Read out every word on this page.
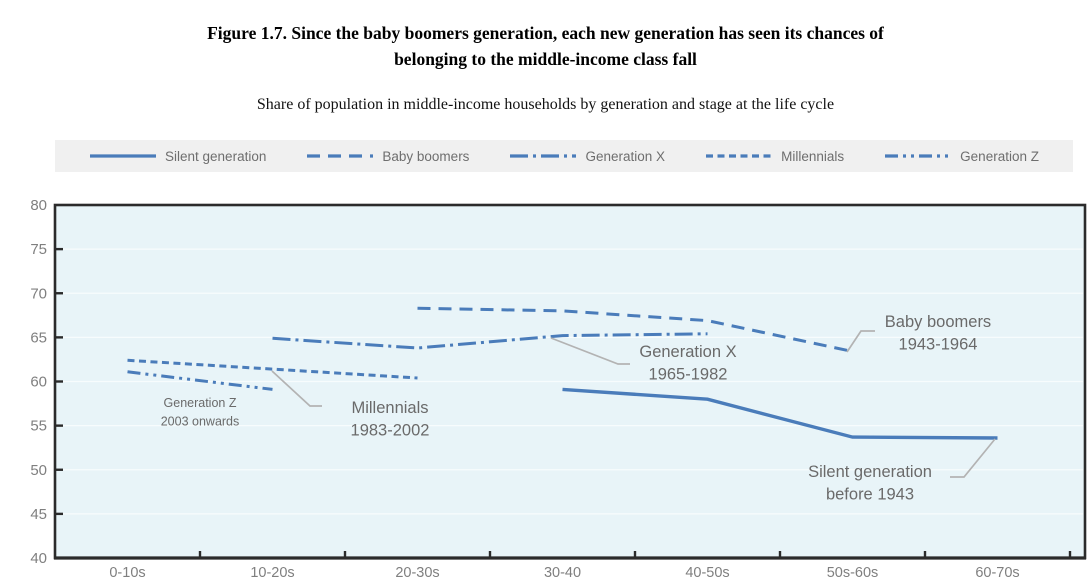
Figure 1.7. Since the baby boomers generation, each new generation has seen its chances of
belonging to the middle-income class fall
Share of population in middle-income households by generation and stage at the life cycle
Silent generation	Baby boomers	Generation X	Millennials	Generation Z
40
45
50
55
60
65
70
75
80
0-10s	10-20s	20-30s	30-40	40-50s	50s-60s	60-70s
Generation Z
2003 onwards
Millennials
1983-2002
Generation X
1965-1982
Baby boomers
1943-1964
Silent generation
before 1943
